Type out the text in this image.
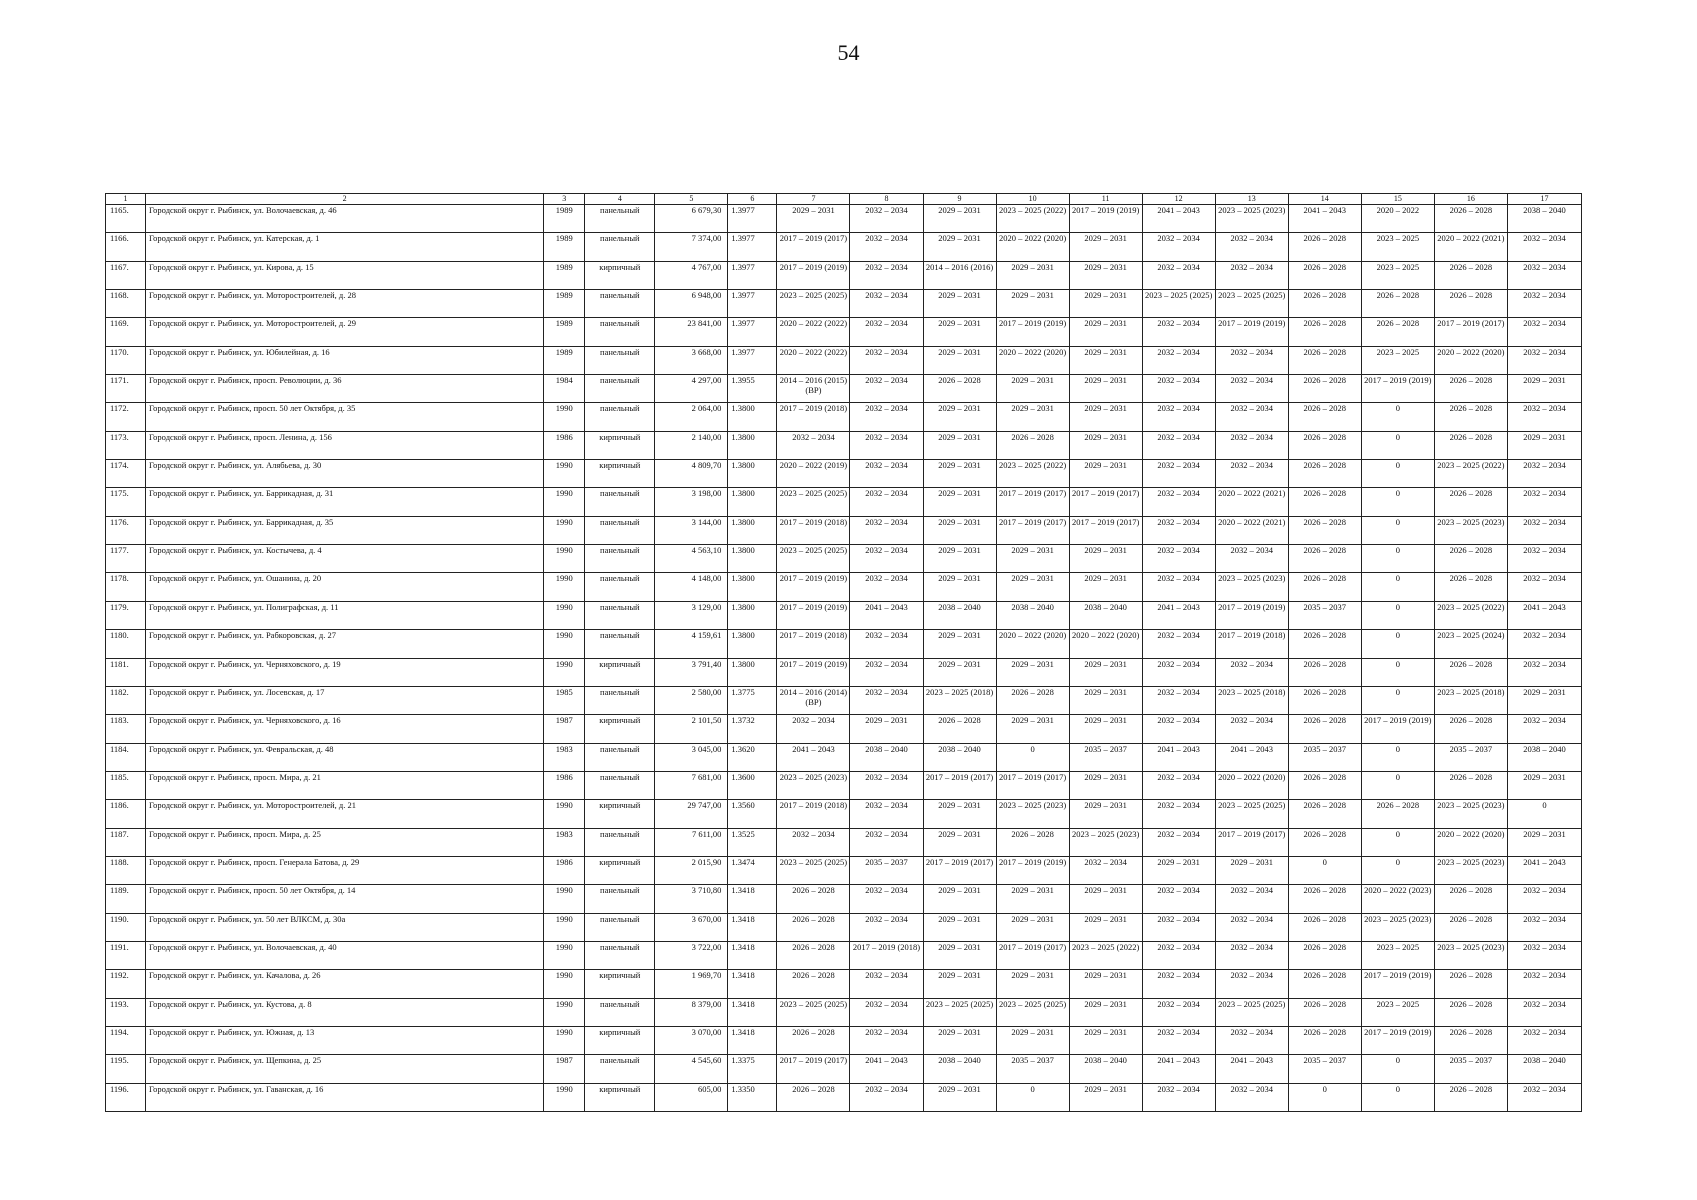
54
1	2	3	4	5	6	7	8	9	10	11	12	13	14	15	16	17
1165.	Городской округ г. Рыбинск, ул. Волочаевская, д. 46	1989	панельный	6 679,30	1.3977	2029 – 2031	2032 – 2034	2029 – 2031	2023 – 2025 (2022)	2017 – 2019 (2019)	2041 – 2043	2023 – 2025 (2023)	2041 – 2043	2020 – 2022	2026 – 2028	2038 – 2040
1166.	Городской округ г. Рыбинск, ул. Катерская, д. 1	1989	панельный	7 374,00	1.3977	2017 – 2019 (2017)	2032 – 2034	2029 – 2031	2020 – 2022 (2020)	2029 – 2031	2032 – 2034	2032 – 2034	2026 – 2028	2023 – 2025	2020 – 2022 (2021)	2032 – 2034
1167.	Городской округ г. Рыбинск, ул. Кирова, д. 15	1989	кирпичный	4 767,00	1.3977	2017 – 2019 (2019)	2032 – 2034	2014 – 2016 (2016)	2029 – 2031	2029 – 2031	2032 – 2034	2032 – 2034	2026 – 2028	2023 – 2025	2026 – 2028	2032 – 2034
1168.	Городской округ г. Рыбинск, ул. Моторостроителей, д. 28	1989	панельный	6 948,00	1.3977	2023 – 2025 (2025)	2032 – 2034	2029 – 2031	2029 – 2031	2029 – 2031	2023 – 2025 (2025)	2023 – 2025 (2025)	2026 – 2028	2026 – 2028	2026 – 2028	2032 – 2034
1169.	Городской округ г. Рыбинск, ул. Моторостроителей, д. 29	1989	панельный	23 841,00	1.3977	2020 – 2022 (2022)	2032 – 2034	2029 – 2031	2017 – 2019 (2019)	2029 – 2031	2032 – 2034	2017 – 2019 (2019)	2026 – 2028	2026 – 2028	2017 – 2019 (2017)	2032 – 2034
1170.	Городской округ г. Рыбинск, ул. Юбилейная, д. 16	1989	панельный	3 668,00	1.3977	2020 – 2022 (2022)	2032 – 2034	2029 – 2031	2020 – 2022 (2020)	2029 – 2031	2032 – 2034	2032 – 2034	2026 – 2028	2023 – 2025	2020 – 2022 (2020)	2032 – 2034
1171.	Городской округ г. Рыбинск, просп. Революции, д. 36	1984	панельный	4 297,00	1.3955	2014 – 2016 (2015) (ВР)	2032 – 2034	2026 – 2028	2029 – 2031	2029 – 2031	2032 – 2034	2032 – 2034	2026 – 2028	2017 – 2019 (2019)	2026 – 2028	2029 – 2031
1172.	Городской округ г. Рыбинск, просп. 50 лет Октября, д. 35	1990	панельный	2 064,00	1.3800	2017 – 2019 (2018)	2032 – 2034	2029 – 2031	2029 – 2031	2029 – 2031	2032 – 2034	2032 – 2034	2026 – 2028	0	2026 – 2028	2032 – 2034
1173.	Городской округ г. Рыбинск, просп. Ленина, д. 156	1986	кирпичный	2 140,00	1.3800	2032 – 2034	2032 – 2034	2029 – 2031	2026 – 2028	2029 – 2031	2032 – 2034	2032 – 2034	2026 – 2028	0	2026 – 2028	2029 – 2031
1174.	Городской округ г. Рыбинск, ул. Алябьева, д. 30	1990	кирпичный	4 809,70	1.3800	2020 – 2022 (2019)	2032 – 2034	2029 – 2031	2023 – 2025 (2022)	2029 – 2031	2032 – 2034	2032 – 2034	2026 – 2028	0	2023 – 2025 (2022)	2032 – 2034
1175.	Городской округ г. Рыбинск, ул. Баррикадная, д. 31	1990	панельный	3 198,00	1.3800	2023 – 2025 (2025)	2032 – 2034	2029 – 2031	2017 – 2019 (2017)	2017 – 2019 (2017)	2032 – 2034	2020 – 2022 (2021)	2026 – 2028	0	2026 – 2028	2032 – 2034
1176.	Городской округ г. Рыбинск, ул. Баррикадная, д. 35	1990	панельный	3 144,00	1.3800	2017 – 2019 (2018)	2032 – 2034	2029 – 2031	2017 – 2019 (2017)	2017 – 2019 (2017)	2032 – 2034	2020 – 2022 (2021)	2026 – 2028	0	2023 – 2025 (2023)	2032 – 2034
1177.	Городской округ г. Рыбинск, ул. Костычева, д. 4	1990	панельный	4 563,10	1.3800	2023 – 2025 (2025)	2032 – 2034	2029 – 2031	2029 – 2031	2029 – 2031	2032 – 2034	2032 – 2034	2026 – 2028	0	2026 – 2028	2032 – 2034
1178.	Городской округ г. Рыбинск, ул. Ошанина, д. 20	1990	панельный	4 148,00	1.3800	2017 – 2019 (2019)	2032 – 2034	2029 – 2031	2029 – 2031	2029 – 2031	2032 – 2034	2023 – 2025 (2023)	2026 – 2028	0	2026 – 2028	2032 – 2034
1179.	Городской округ г. Рыбинск, ул. Полиграфская, д. 11	1990	панельный	3 129,00	1.3800	2017 – 2019 (2019)	2041 – 2043	2038 – 2040	2038 – 2040	2038 – 2040	2041 – 2043	2017 – 2019 (2019)	2035 – 2037	0	2023 – 2025 (2022)	2041 – 2043
1180.	Городской округ г. Рыбинск, ул. Рабкоровская, д. 27	1990	панельный	4 159,61	1.3800	2017 – 2019 (2018)	2032 – 2034	2029 – 2031	2020 – 2022 (2020)	2020 – 2022 (2020)	2032 – 2034	2017 – 2019 (2018)	2026 – 2028	0	2023 – 2025 (2024)	2032 – 2034
1181.	Городской округ г. Рыбинск, ул. Черняховского, д. 19	1990	кирпичный	3 791,40	1.3800	2017 – 2019 (2019)	2032 – 2034	2029 – 2031	2029 – 2031	2029 – 2031	2032 – 2034	2032 – 2034	2026 – 2028	0	2026 – 2028	2032 – 2034
1182.	Городской округ г. Рыбинск, ул. Лосевская, д. 17	1985	панельный	2 580,00	1.3775	2014 – 2016 (2014) (ВР)	2032 – 2034	2023 – 2025 (2018)	2026 – 2028	2029 – 2031	2032 – 2034	2023 – 2025 (2018)	2026 – 2028	0	2023 – 2025 (2018)	2029 – 2031
1183.	Городской округ г. Рыбинск, ул. Черняховского, д. 16	1987	кирпичный	2 101,50	1.3732	2032 – 2034	2029 – 2031	2026 – 2028	2029 – 2031	2029 – 2031	2032 – 2034	2032 – 2034	2026 – 2028	2017 – 2019 (2019)	2026 – 2028	2032 – 2034
1184.	Городской округ г. Рыбинск, ул. Февральская, д. 48	1983	панельный	3 045,00	1.3620	2041 – 2043	2038 – 2040	2038 – 2040	0	2035 – 2037	2041 – 2043	2041 – 2043	2035 – 2037	0	2035 – 2037	2038 – 2040
1185.	Городской округ г. Рыбинск, просп. Мира, д. 21	1986	панельный	7 681,00	1.3600	2023 – 2025 (2023)	2032 – 2034	2017 – 2019 (2017)	2017 – 2019 (2017)	2029 – 2031	2032 – 2034	2020 – 2022 (2020)	2026 – 2028	0	2026 – 2028	2029 – 2031
1186.	Городской округ г. Рыбинск, ул. Моторостроителей, д. 21	1990	кирпичный	29 747,00	1.3560	2017 – 2019 (2018)	2032 – 2034	2029 – 2031	2023 – 2025 (2023)	2029 – 2031	2032 – 2034	2023 – 2025 (2025)	2026 – 2028	2026 – 2028	2023 – 2025 (2023)	0
1187.	Городской округ г. Рыбинск, просп. Мира, д. 25	1983	панельный	7 611,00	1.3525	2032 – 2034	2032 – 2034	2029 – 2031	2026 – 2028	2023 – 2025 (2023)	2032 – 2034	2017 – 2019 (2017)	2026 – 2028	0	2020 – 2022 (2020)	2029 – 2031
1188.	Городской округ г. Рыбинск, просп. Генерала Батова, д. 29	1986	кирпичный	2 015,90	1.3474	2023 – 2025 (2025)	2035 – 2037	2017 – 2019 (2017)	2017 – 2019 (2019)	2032 – 2034	2029 – 2031	2029 – 2031	0	0	2023 – 2025 (2023)	2041 – 2043
1189.	Городской округ г. Рыбинск, просп. 50 лет Октября, д. 14	1990	панельный	3 710,80	1.3418	2026 – 2028	2032 – 2034	2029 – 2031	2029 – 2031	2029 – 2031	2032 – 2034	2032 – 2034	2026 – 2028	2020 – 2022 (2023)	2026 – 2028	2032 – 2034
1190.	Городской округ г. Рыбинск, ул. 50 лет ВЛКСМ, д. 30а	1990	панельный	3 670,00	1.3418	2026 – 2028	2032 – 2034	2029 – 2031	2029 – 2031	2029 – 2031	2032 – 2034	2032 – 2034	2026 – 2028	2023 – 2025 (2023)	2026 – 2028	2032 – 2034
1191.	Городской округ г. Рыбинск, ул. Волочаевская, д. 40	1990	панельный	3 722,00	1.3418	2026 – 2028	2017 – 2019 (2018)	2029 – 2031	2017 – 2019 (2017)	2023 – 2025 (2022)	2032 – 2034	2032 – 2034	2026 – 2028	2023 – 2025	2023 – 2025 (2023)	2032 – 2034
1192.	Городской округ г. Рыбинск, ул. Качалова, д. 26	1990	кирпичный	1 969,70	1.3418	2026 – 2028	2032 – 2034	2029 – 2031	2029 – 2031	2029 – 2031	2032 – 2034	2032 – 2034	2026 – 2028	2017 – 2019 (2019)	2026 – 2028	2032 – 2034
1193.	Городской округ г. Рыбинск, ул. Кустова, д. 8	1990	панельный	8 379,00	1.3418	2023 – 2025 (2025)	2032 – 2034	2023 – 2025 (2025)	2023 – 2025 (2025)	2029 – 2031	2032 – 2034	2023 – 2025 (2025)	2026 – 2028	2023 – 2025	2026 – 2028	2032 – 2034
1194.	Городской округ г. Рыбинск, ул. Южная, д. 13	1990	кирпичный	3 070,00	1.3418	2026 – 2028	2032 – 2034	2029 – 2031	2029 – 2031	2029 – 2031	2032 – 2034	2032 – 2034	2026 – 2028	2017 – 2019 (2019)	2026 – 2028	2032 – 2034
1195.	Городской округ г. Рыбинск, ул. Щепкина, д. 25	1987	панельный	4 545,60	1.3375	2017 – 2019 (2017)	2041 – 2043	2038 – 2040	2035 – 2037	2038 – 2040	2041 – 2043	2041 – 2043	2035 – 2037	0	2035 – 2037	2038 – 2040
1196.	Городской округ г. Рыбинск, ул. Гаванская, д. 16	1990	кирпичный	605,00	1.3350	2026 – 2028	2032 – 2034	2029 – 2031	0	2029 – 2031	2032 – 2034	2032 – 2034	0	0	2026 – 2028	2032 – 2034
